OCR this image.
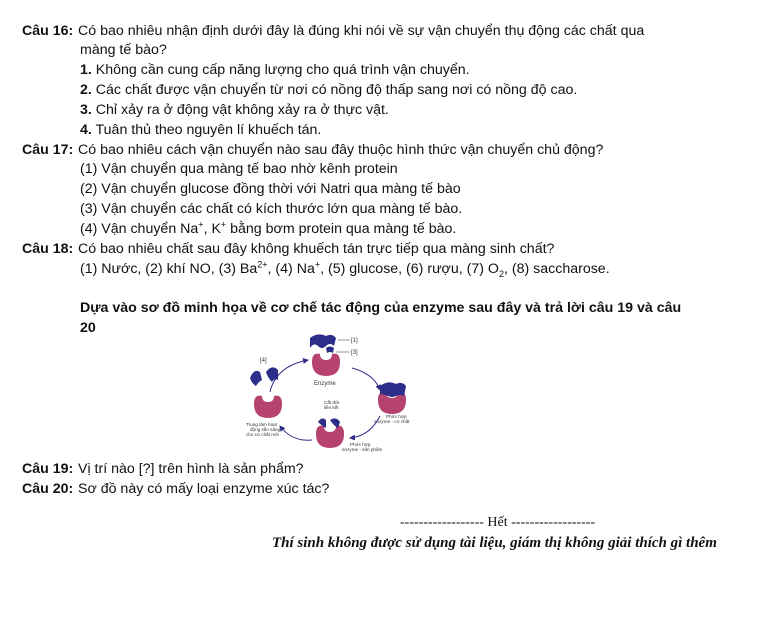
Câu 16: Có bao nhiêu nhận định dưới đây là đúng khi nói về sự vận chuyển thụ động các chất qua
màng tế bào?
1. Không cần cung cấp năng lượng cho quá trình vận chuyển.
2. Các chất được vận chuyển từ nơi có nồng độ thấp sang nơi có nồng độ cao.
3. Chỉ xảy ra ở động vật không xảy ra ở thực vật.
4. Tuân thủ theo nguyên lí khuếch tán.
Câu 17: Có bao nhiêu cách vận chuyển nào sau đây thuộc hình thức vận chuyển chủ động?
(1) Vận chuyển qua màng tế bao nhờ kênh protein
(2) Vận chuyển glucose đồng thời với Natri qua màng tế bào
(3) Vận chuyển các chất có kích thước lớn qua màng tế bào.
(4) Vận chuyển Na+, K+ bằng bơm protein qua màng tế bào.
Câu 18: Có bao nhiêu chất sau đây không khuếch tán trực tiếp qua màng sinh chất?
(1) Nước, (2) khí NO, (3) $Ba^{2+}$, (4) Na+, (5) glucose, (6) rượu, (7) $O_2$, (8) saccharose.
Dựa vào sơ đồ minh họa về cơ chế tác động của enzyme sau đây và trả lời câu 19 và câu
20
[1]
[3]
Enzyme
[4]
Trung tâm hoạt
động sẵn sàng
cho cơ chất mới
Phức hợp
enzyme - cơ chất
Cắt đứt
liên kết
Phức hợp
enzyme - sản phẩm
Câu 19: Vị trí nào [?] trên hình là sản phẩm?
Câu 20: Sơ đồ này có mấy loại enzyme xúc tác?
------------------ Hết ------------------
Thí sinh không được sử dụng tài liệu, giám thị không giải thích gì thêm
